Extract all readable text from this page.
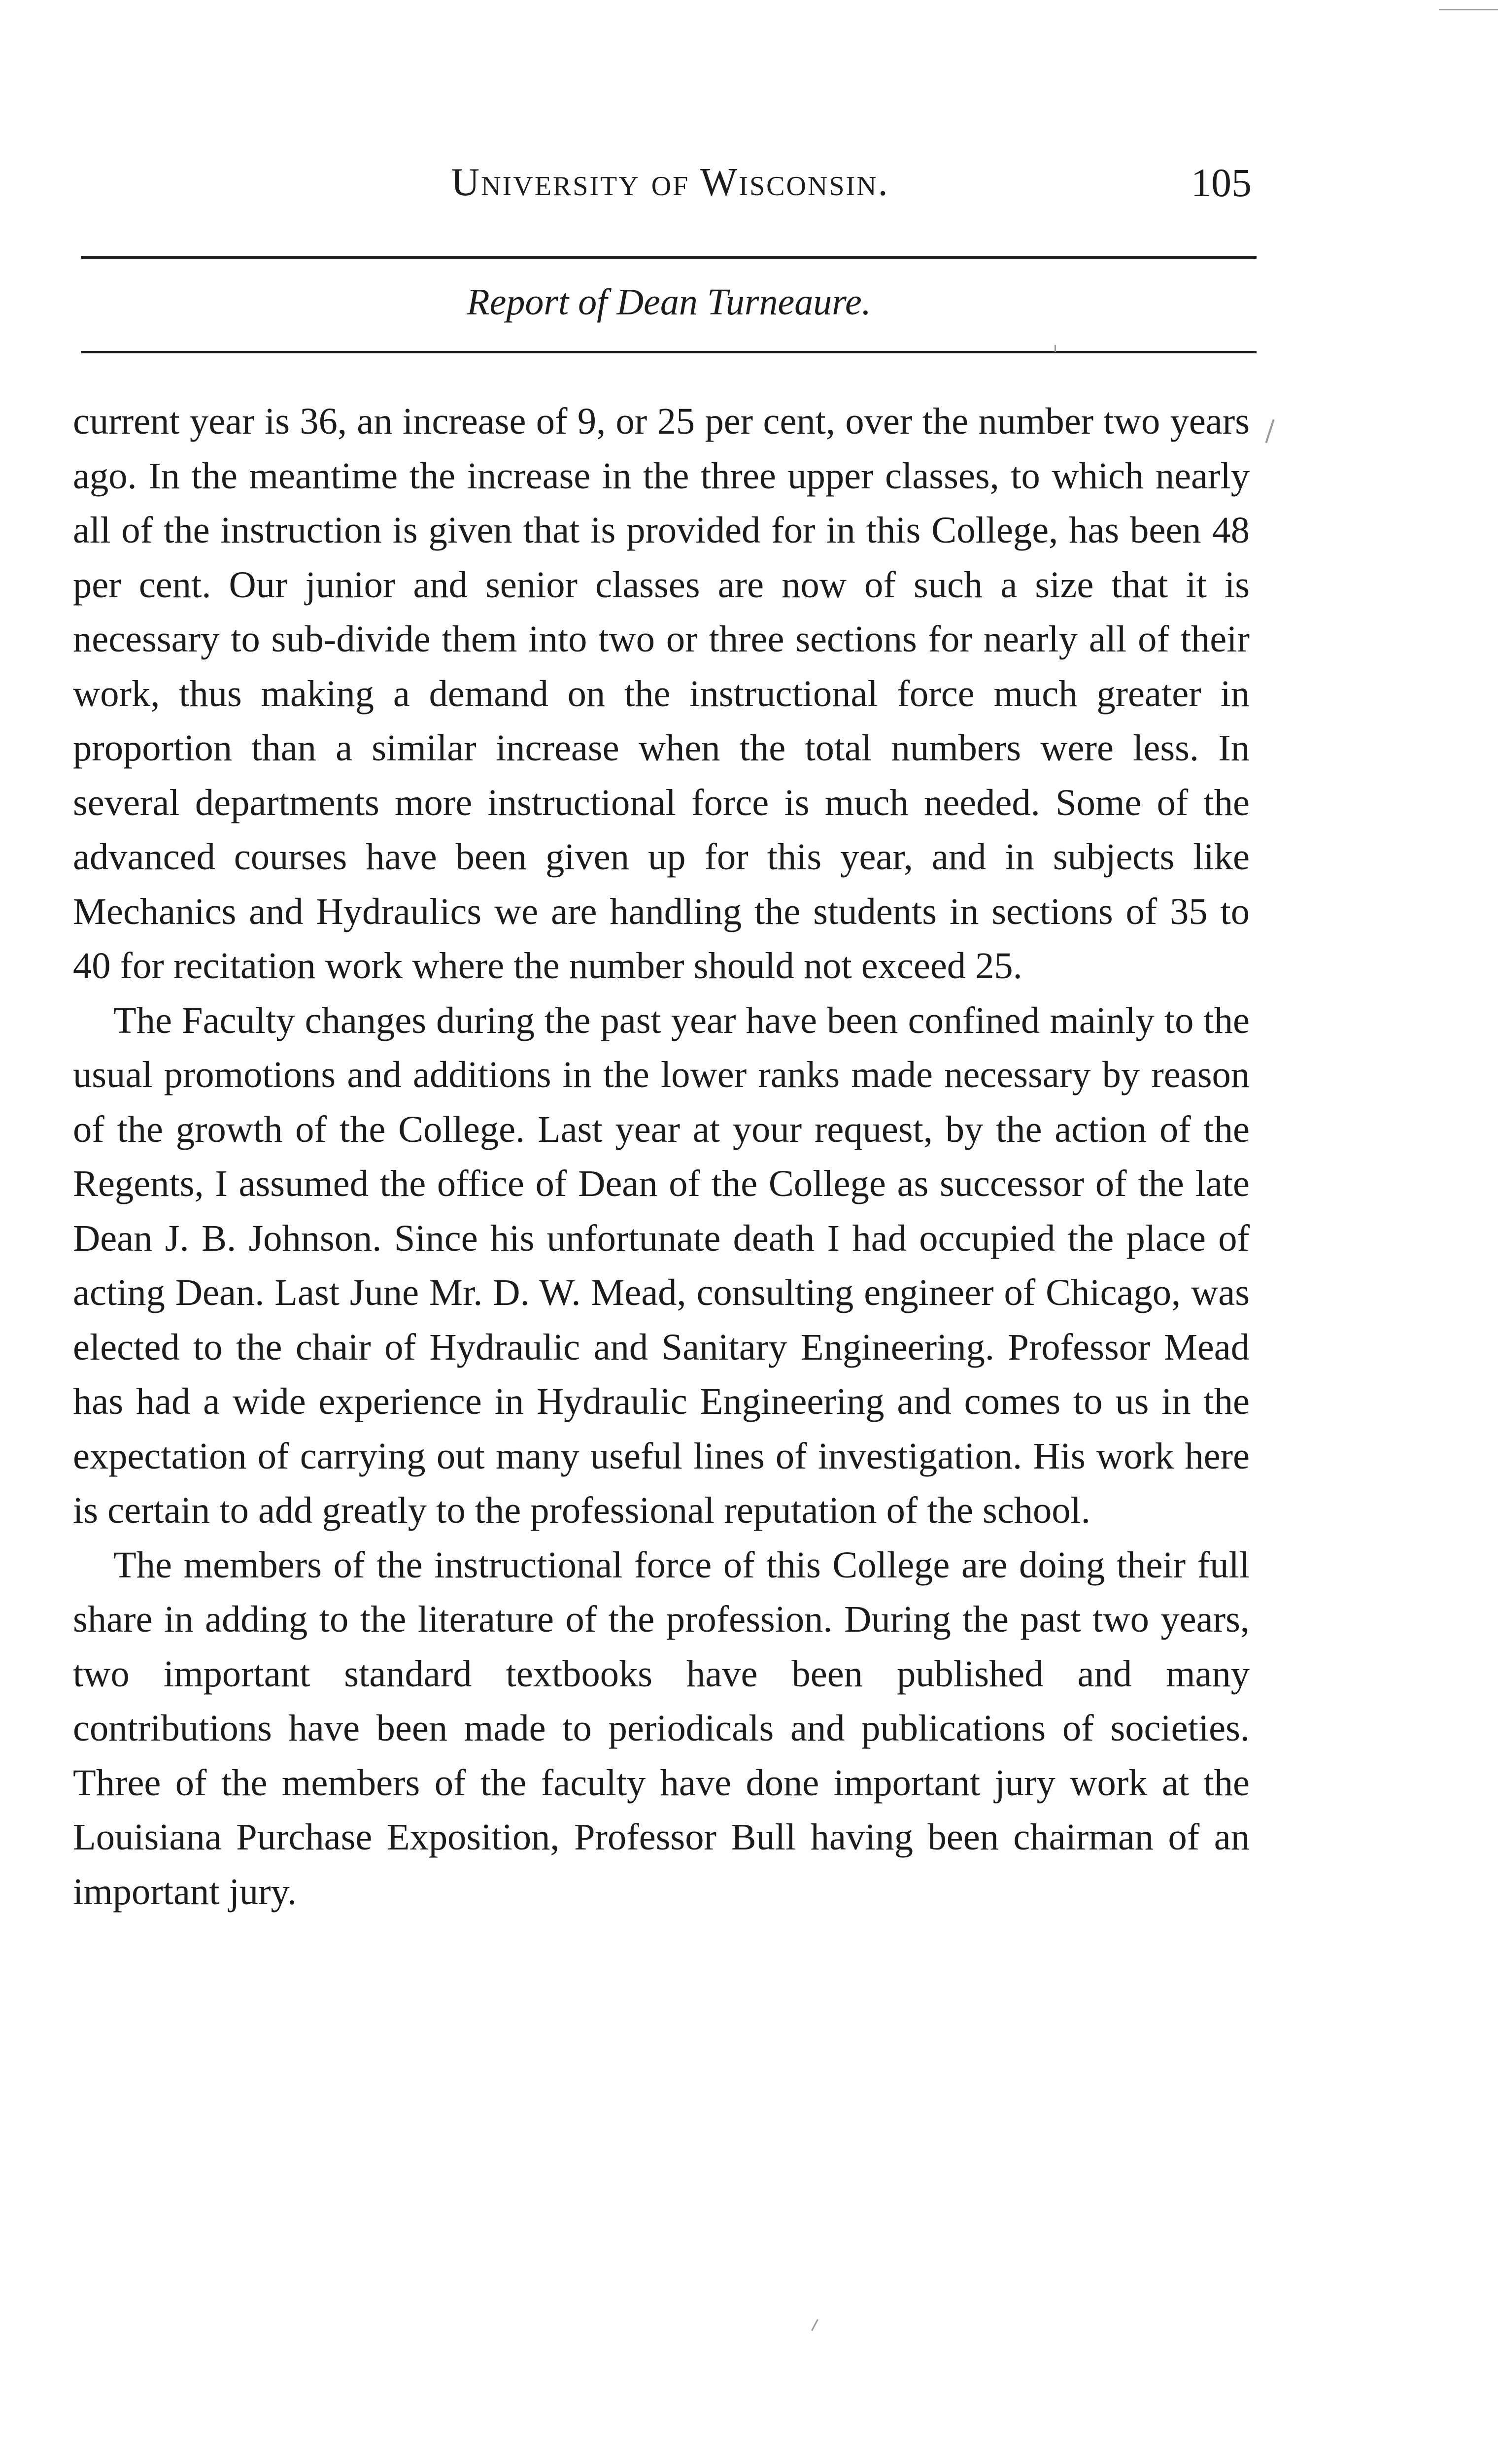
University of Wisconsin.	105
Report of Dean Turneaure.

current year is 36, an increase of 9, or 25 per cent, over the number two years ago. In the meantime the increase in the three upper classes, to which nearly all of the instruction is given that is provided for in this College, has been 48 per cent. Our junior and senior classes are now of such a size that it is necessary to sub-divide them into two or three sections for nearly all of their work, thus making a demand on the instructional force much greater in proportion than a similar increase when the total numbers were less. In several departments more instructional force is much needed. Some of the advanced courses have been given up for this year, and in subjects like Mechanics and Hydraulics we are handling the students in sections of 35 to 40 for recitation work where the number should not exceed 25.

The Faculty changes during the past year have been confined mainly to the usual promotions and additions in the lower ranks made necessary by reason of the growth of the College. Last year at your request, by the action of the Regents, I assumed the office of Dean of the College as successor of the late Dean J. B. Johnson. Since his unfortunate death I had occupied the place of acting Dean. Last June Mr. D. W. Mead, consulting engineer of Chicago, was elected to the chair of Hydraulic and Sanitary Engineering. Professor Mead has had a wide experience in Hydraulic Engineering and comes to us in the expectation of carrying out many useful lines of investigation. His work here is certain to add greatly to the professional reputation of the school.

The members of the instructional force of this College are doing their full share in adding to the literature of the profession. During the past two years, two important standard textbooks have been published and many contributions have been made to periodicals and publications of societies. Three of the members of the faculty have done important jury work at the Louisiana Purchase Exposition, Professor Bull having been chairman of an important jury.
